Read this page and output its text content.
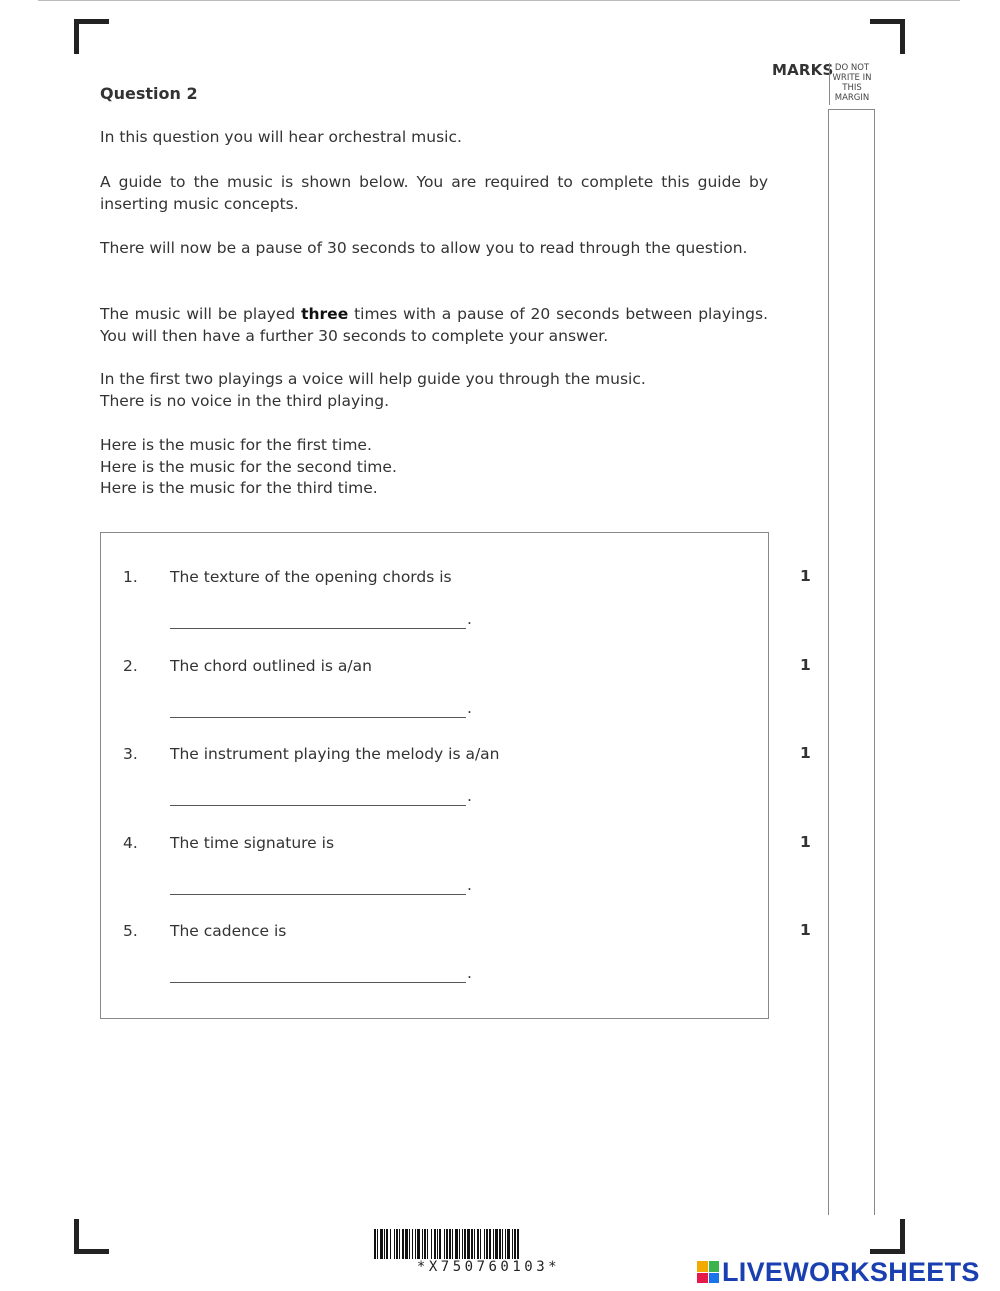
MARKS DO NOT WRITE IN THIS MARGIN
Question 2
In this question you will hear orchestral music.
A guide to the music is shown below. You are required to complete this guide by inserting music concepts.
There will now be a pause of 30 seconds to allow you to read through the question.
The music will be played three times with a pause of 20 seconds between playings. You will then have a further 30 seconds to complete your answer.
In the first two playings a voice will help guide you through the music.
There is no voice in the third playing.
Here is the music for the first time.
Here is the music for the second time.
Here is the music for the third time.
1. The texture of the opening chords is
.
2. The chord outlined is a/an
.
3. The instrument playing the melody is a/an
.
4. The time signature is
.
5. The cadence is
.
1
1
1
1
1
*X750760103*	LIVEWORKSHEETS
